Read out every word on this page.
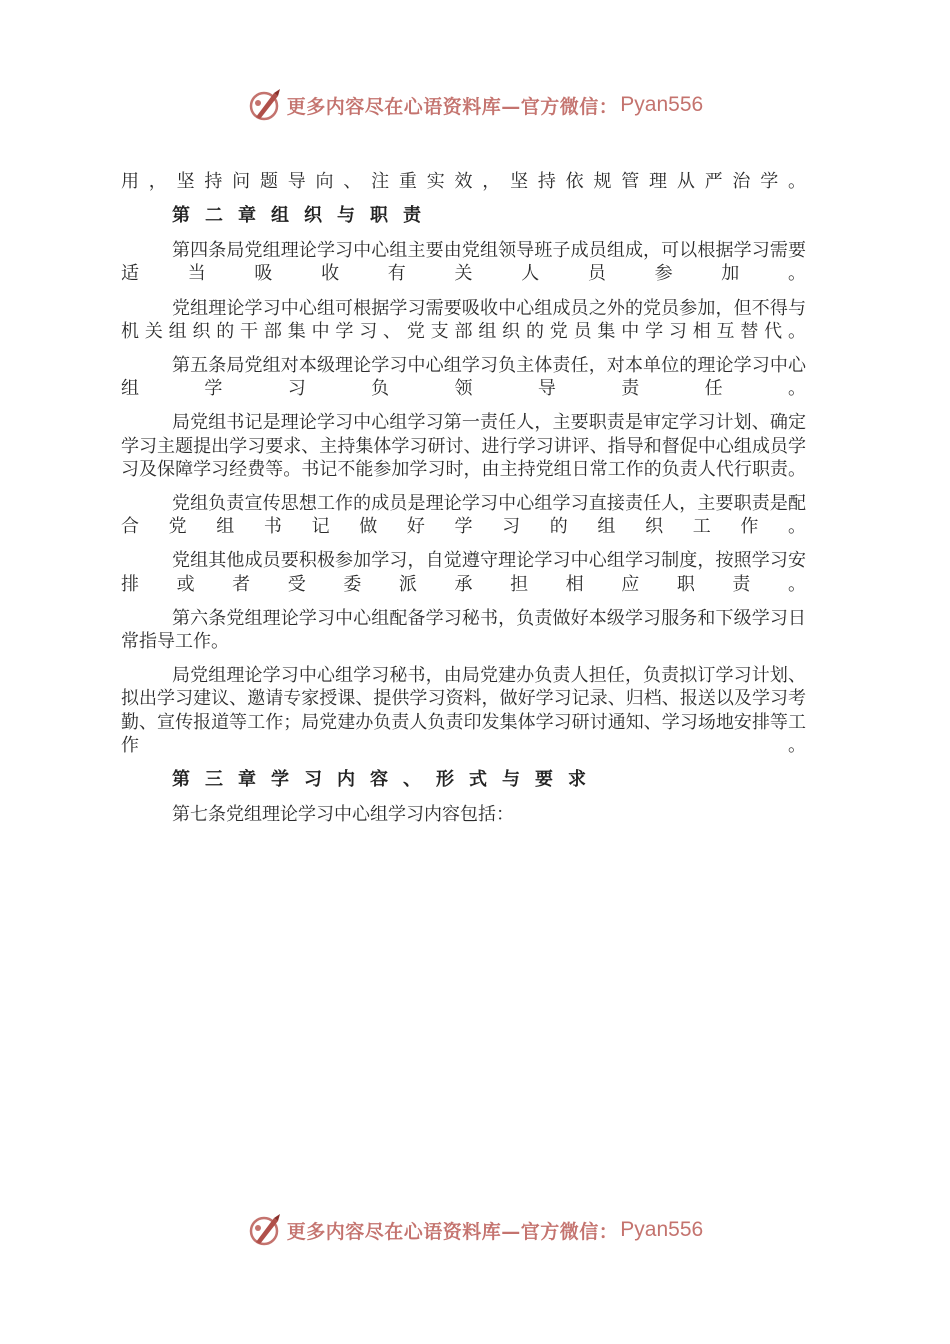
更多内容尽在心语资料库—官方微信： Pyan556
用，坚持问题导向、注重实效，坚持依规管理从严治学。
第二章组织与职责
第四条局党组理论学习中心组主要由党组领导班子成员组成，可以根据学习需要适当吸收有关人员参加。
党组理论学习中心组可根据学习需要吸收中心组成员之外的党员参加，但不得与机关组织的干部集中学习、党支部组织的党员集中学习相互替代。
第五条局党组对本级理论学习中心组学习负主体责任，对本单位的理论学习中心组学习负领导责任。
局党组书记是理论学习中心组学习第一责任人，主要职责是审定学习计划、确定学习主题提出学习要求、主持集体学习研讨、进行学习讲评、指导和督促中心组成员学习及保障学习经费等。书记不能参加学习时，由主持党组日常工作的负责人代行职责。
党组负责宣传思想工作的成员是理论学习中心组学习直接责任人，主要职责是配合党组书记做好学习的组织工作。
党组其他成员要积极参加学习，自觉遵守理论学习中心组学习制度，按照学习安排或者受委派承担相应职责。
第六条党组理论学习中心组配备学习秘书，负责做好本级学习服务和下级学习日常指导工作。
局党组理论学习中心组学习秘书，由局党建办负责人担任，负责拟订学习计划、拟出学习建议、邀请专家授课、提供学习资料，做好学习记录、归档、报送以及学习考勤、宣传报道等工作；局党建办负责人负责印发集体学习研讨通知、学习场地安排等工作。
第三章学习内容、形式与要求
第七条党组理论学习中心组学习内容包括：
更多内容尽在心语资料库—官方微信： Pyan556
